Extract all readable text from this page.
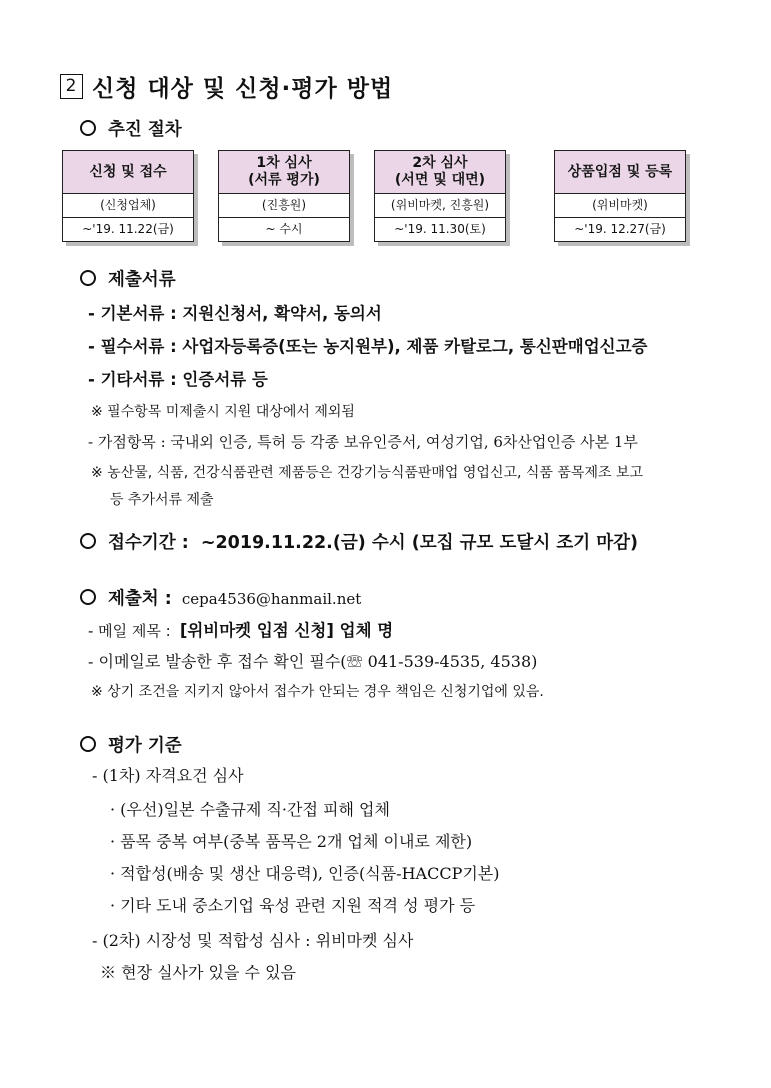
2 신청 대상 및 신청·평가 방법
추진 절차
신청 및 접수
(신청업체)
~'19. 11.22(금)
1차 심사
(서류 평가)
(진흥원)
~ 수시
2차 심사
(서면 및 대면)
(위비마켓, 진흥원)
~'19. 11.30(토)
상품입점 및 등록
(위비마켓)
~'19. 12.27(금)
제출서류
- 기본서류 : 지원신청서, 확약서, 동의서
- 필수서류 : 사업자등록증(또는 농지원부), 제품 카탈로그, 통신판매업신고증
- 기타서류 : 인증서류 등
※ 필수항목 미제출시 지원 대상에서 제외됨
- 가점항목 : 국내외 인증, 특허 등 각종 보유인증서, 여성기업, 6차산업인증 사본 1부
※ 농산물, 식품, 건강식품관련 제품등은 건강기능식품판매업 영업신고, 식품 품목제조 보고
등 추가서류 제출
접수기간 : ~2019.11.22.(금) 수시 (모집 규모 도달시 조기 마감)
제출처 : cepa4536@hanmail.net
- 메일 제목 : [위비마켓 입점 신청] 업체 명
- 이메일로 발송한 후 접수 확인 필수(☏ 041-539-4535, 4538)
※ 상기 조건을 지키지 않아서 접수가 안되는 경우 책임은 신청기업에 있음.
평가 기준
- (1차) 자격요건 심사
· (우선)일본 수출규제 직·간접 피해 업체
· 품목 중복 여부(중복 품목은 2개 업체 이내로 제한)
· 적합성(배송 및 생산 대응력), 인증(식품-HACCP기본)
· 기타 도내 중소기업 육성 관련 지원 적격 성 평가 등
- (2차) 시장성 및 적합성 심사 : 위비마켓 심사
※ 현장 실사가 있을 수 있음
